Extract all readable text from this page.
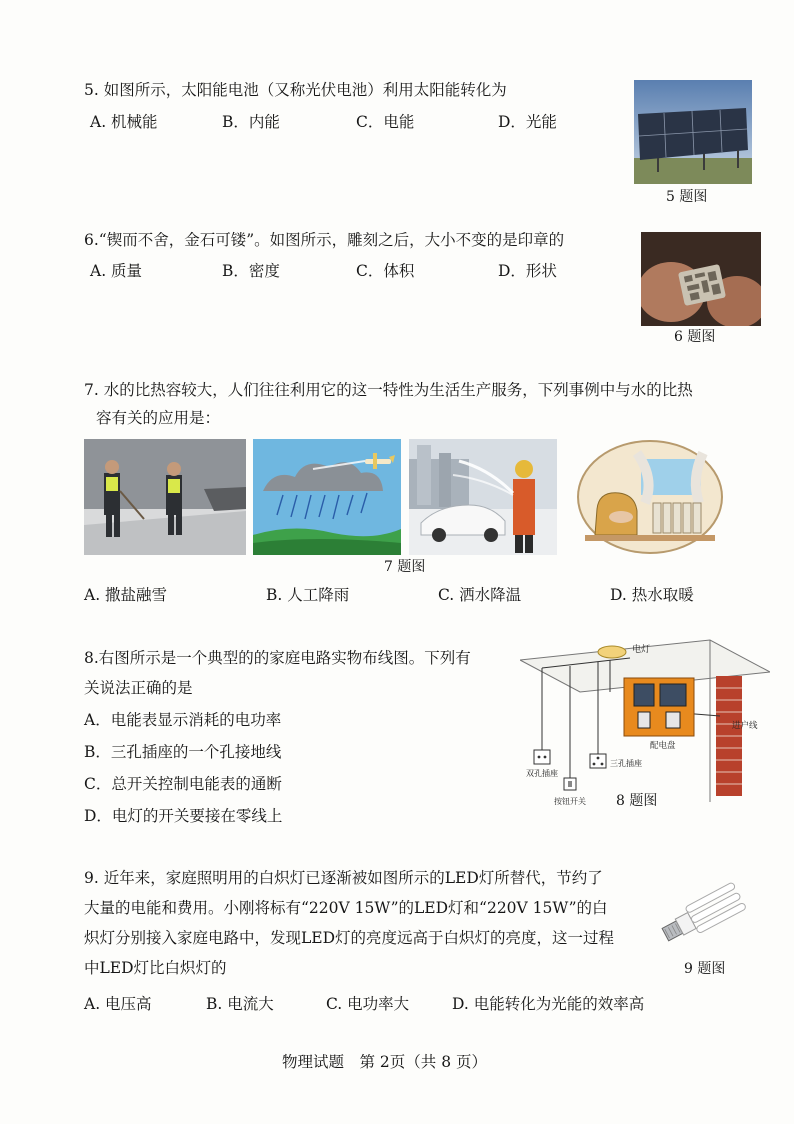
5. 如图所示，太阳能电池（又称光伏电池）利用太阳能转化为
A. 机械能	B．内能	C．电能	D．光能
5 题图
6.“锲而不舍，金石可镂”。如图所示，雕刻之后，大小不变的是印章的
A. 质量	B．密度	C．体积	D．形状
6 题图
7. 水的比热容较大，人们往往利用它的这一特性为生活生产服务，下列事例中与水的比热
容有关的应用是：
7 题图
A. 撒盐融雪	B. 人工降雨	C. 洒水降温	D. 热水取暖
8.右图所示是一个典型的的家庭电路实物布线图。下列有
关说法正确的是
A．电能表显示消耗的电功率
B．三孔插座的一个孔接地线
C．总开关控制电能表的通断
D．电灯的开关要接在零线上
电灯
配电盘
进户线
双孔插座
三孔插座
按钮开关 8 题图
9. 近年来，家庭照明用的白炽灯已逐渐被如图所示的LED灯所替代，节约了
大量的电能和费用。小刚将标有“220V 15W”的LED灯和“220V 15W”的白
炽灯分别接入家庭电路中，发现LED灯的亮度远高于白炽灯的亮度，这一过程
中LED灯比白炽灯的	9 题图
A. 电压高	B. 电流大	C. 电功率大	D. 电能转化为光能的效率高
物理试题　第 2页（共 8 页）
